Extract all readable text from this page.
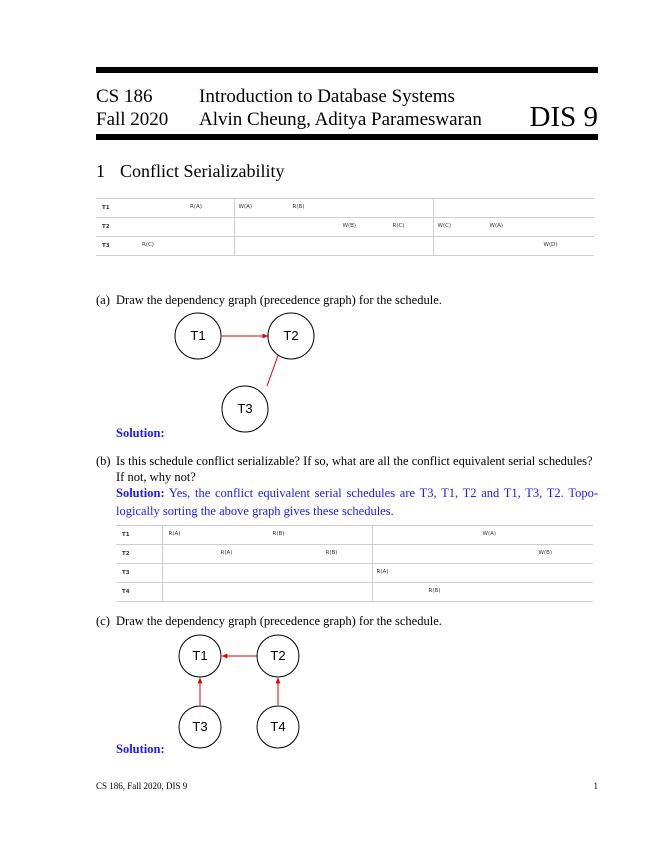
CS 186
Fall 2020
Introduction to Database Systems
Alvin Cheung, Aditya Parameswaran DIS 9
1 Conflict Serializability
T1	R(A)	W(A) R(B)	

T2		W(B) R(C)	W(C) W(A)

T3	R(C)		W(D)
(a) Draw the dependency graph (precedence graph) for the schedule.
T1	T2
T3
Solution:
(b) Is this schedule conflict serializable? If so, what are all the conflict equivalent serial schedules?
If not, why not?
Solution: Yes, the conflict equivalent serial schedules are T3, T1, T2 and T1, T3, T2. Topo-
logically sorting the above graph gives these schedules.
T1	R(A) R(B)	W(A)

T2	R(A) R(B)	W(B)

T3		R(A)

T4		R(B)
(c) Draw the dependency graph (precedence graph) for the schedule.
T1	T2
T3	T4
Solution:
CS 186, Fall 2020, DIS 9	1
